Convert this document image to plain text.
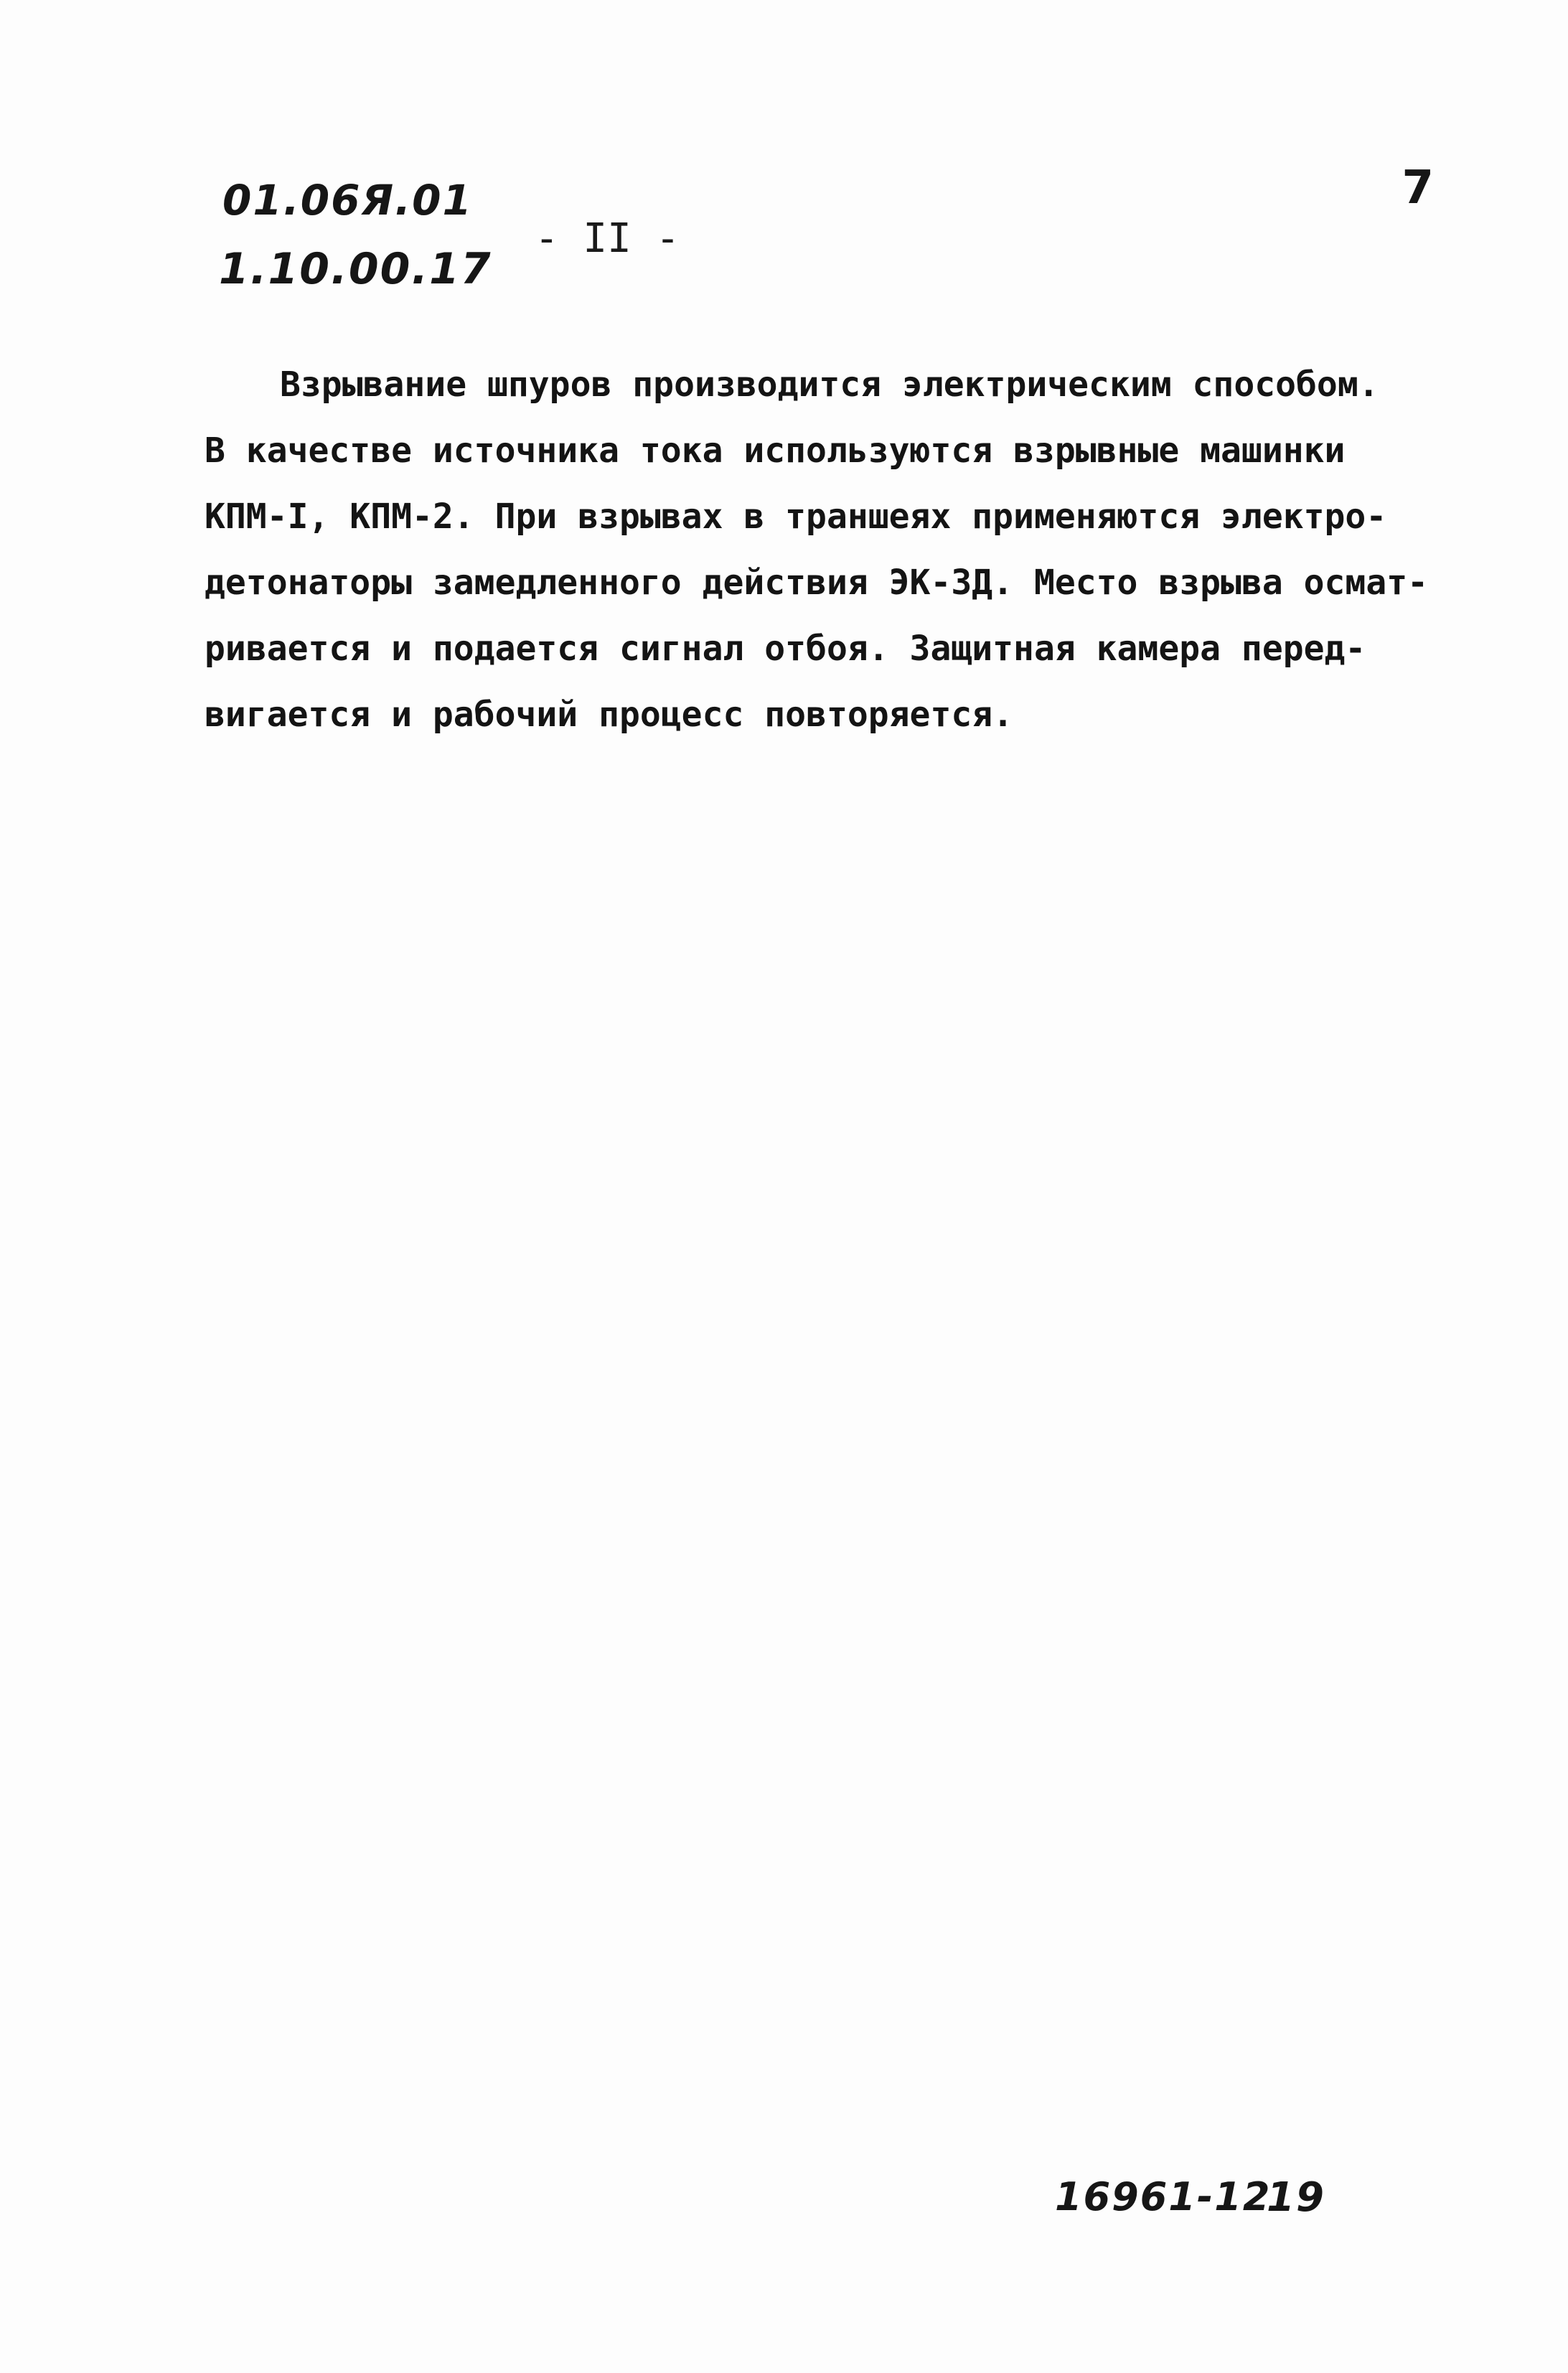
01.06Я.01
1.10.00.17
- II -
7
Взрывание шпуров производится электрическим способом.
В качестве источника тока используются взрывные машинки
КПМ-I, КПМ-2. При взрывах в траншеях применяются электро-
детонаторы замедленного действия ЭК-ЗД. Место взрыва осмат-
ривается и подается сигнал отбоя. Защитная камера перед-
вигается и рабочий процесс повторяется.
16961-12
19
